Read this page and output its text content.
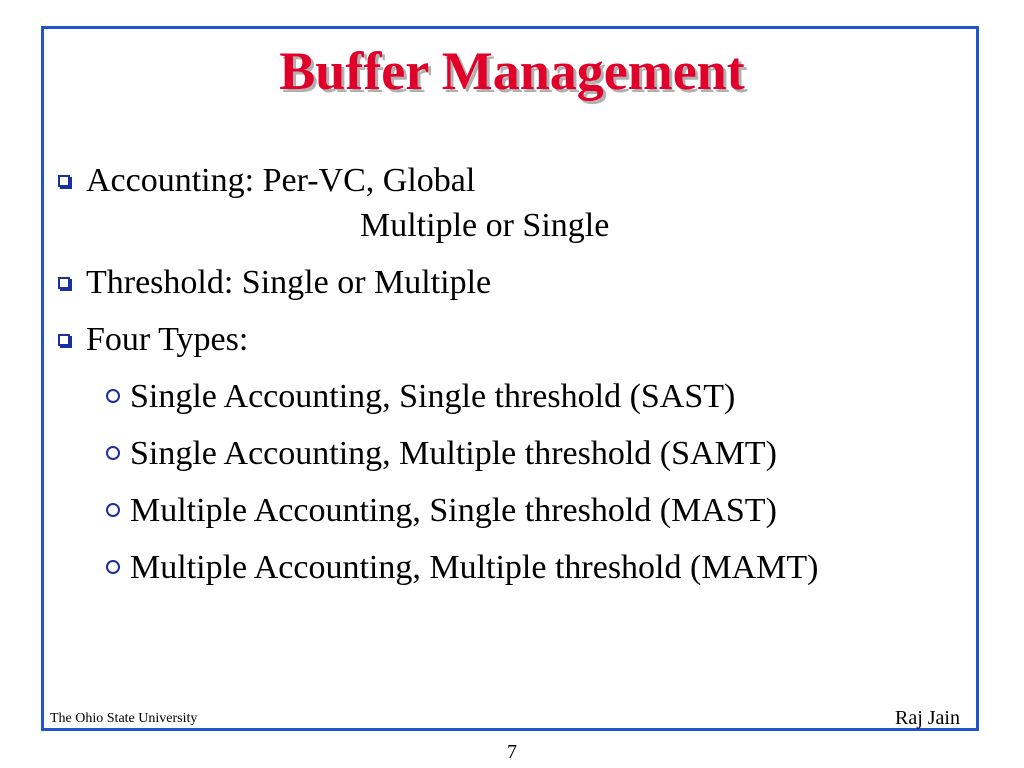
Buffer Management
Accounting: Per-VC, Global
Multiple or Single
Threshold: Single or Multiple
Four Types:
Single Accounting, Single threshold (SAST)
Single Accounting, Multiple threshold (SAMT)
Multiple Accounting, Single threshold (MAST)
Multiple Accounting, Multiple threshold (MAMT)
The Ohio State University	Raj Jain
7
